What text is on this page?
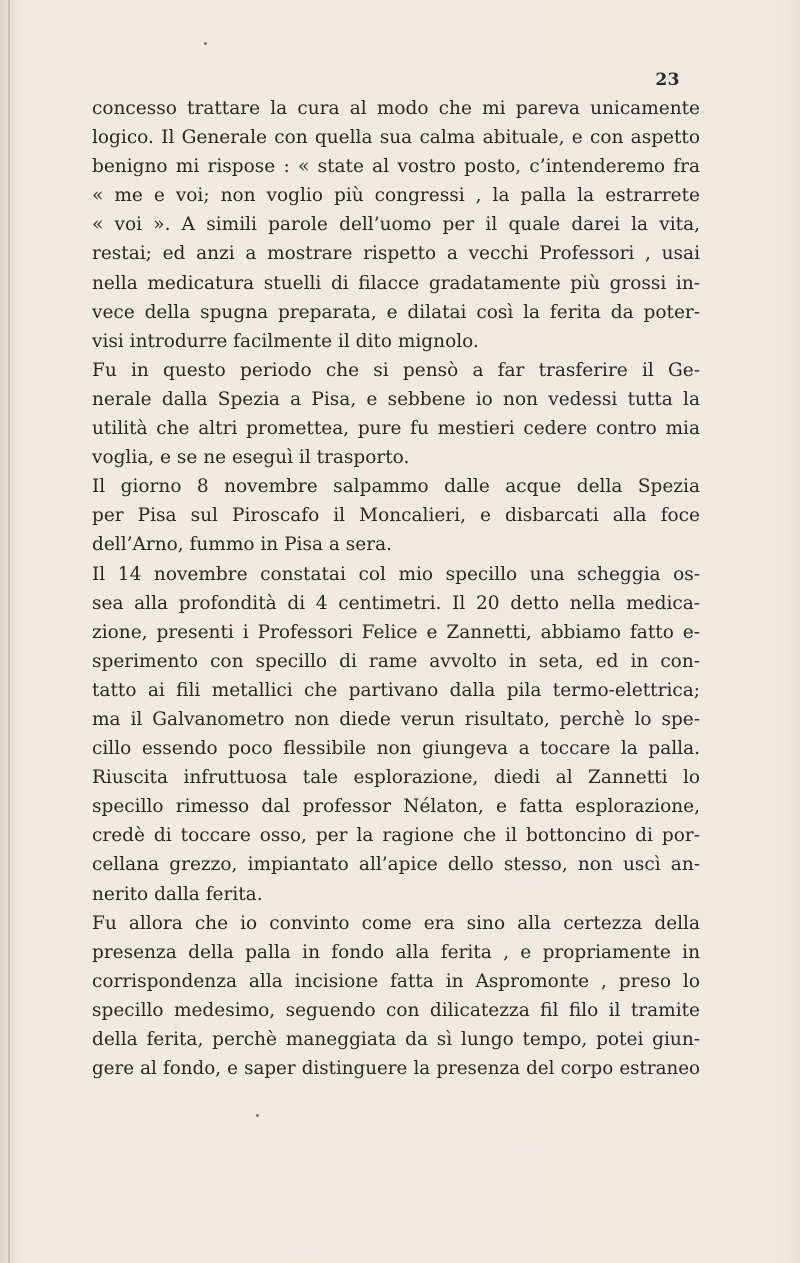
23
concesso trattare la cura al modo che mi pareva unicamente
logico. Il Generale con quella sua calma abituale, e con aspetto
benigno mi rispose : « state al vostro posto, c’intenderemo fra
« me e voi; non voglio più congressi , la palla la estrarrete
« voi ». A simili parole dell’uomo per il quale darei la vita,
restai; ed anzi a mostrare rispetto a vecchi Professori , usai
nella medicatura stuelli di filacce gradatamente più grossi in-
vece della spugna preparata, e dilatai così la ferita da poter-
visi introdurre facilmente il dito mignolo.
Fu in questo periodo che si pensò a far trasferire il Ge-
nerale dalla Spezia a Pisa, e sebbene io non vedessi tutta la
utilità che altri promettea, pure fu mestieri cedere contro mia
voglia, e se ne eseguì il trasporto.
Il giorno 8 novembre salpammo dalle acque della Spezia
per Pisa sul Piroscafo il Moncalieri, e disbarcati alla foce
dell’Arno, fummo in Pisa a sera.
Il 14 novembre constatai col mio specillo una scheggia os-
sea alla profondità di 4 centimetri. Il 20 detto nella medica-
zione, presenti i Professori Felice e Zannetti, abbiamo fatto e-
sperimento con specillo di rame avvolto in seta, ed in con-
tatto ai fili metallici che partivano dalla pila termo-elettrica;
ma il Galvanometro non diede verun risultato, perchè lo spe-
cillo essendo poco flessibile non giungeva a toccare la palla.
Riuscita infruttuosa tale esplorazione, diedi al Zannetti lo
specillo rimesso dal professor Nélaton, e fatta esplorazione,
credè di toccare osso, per la ragione che il bottoncino di por-
cellana grezzo, impiantato all’apice dello stesso, non uscì an-
nerito dalla ferita.
Fu allora che io convinto come era sino alla certezza della
presenza della palla in fondo alla ferita , e propriamente in
corrispondenza alla incisione fatta in Aspromonte , preso lo
specillo medesimo, seguendo con dilicatezza fil filo il tramite
della ferita, perchè maneggiata da sì lungo tempo, potei giun-
gere al fondo, e saper distinguere la presenza del corpo estraneo
